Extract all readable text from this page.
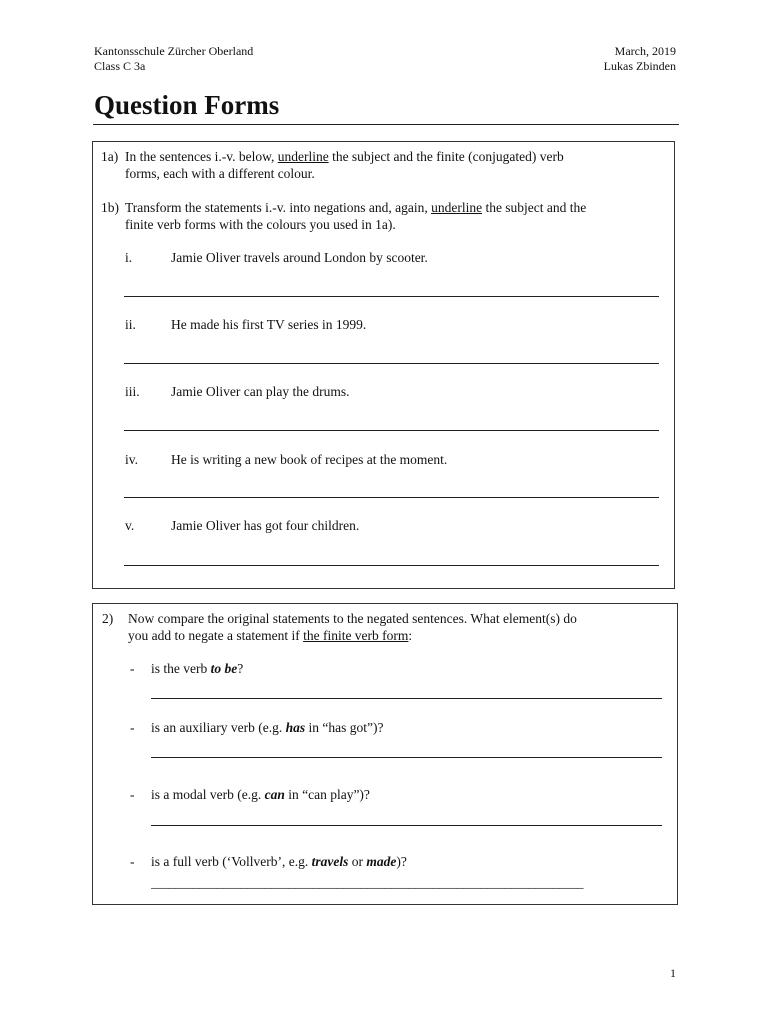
Kantonsschule Zürcher Oberland
Class C 3a
March, 2019
Lukas Zbinden
Question Forms
1a) In the sentences i.-v. below, underline the subject and the finite (conjugated) verb
forms, each with a different colour.
1b) Transform the statements i.-v. into negations and, again, underline the subject and the
finite verb forms with the colours you used in 1a).
i.	Jamie Oliver travels around London by scooter.
ii.	He made his first TV series in 1999.
iii. Jamie Oliver can play the drums.
iv. He is writing a new book of recipes at the moment.
v.	Jamie Oliver has got four children.
2) Now compare the original statements to the negated sentences. What element(s) do
you add to negate a statement if the finite verb form:
- is the verb to be?
- is an auxiliary verb (e.g. has in “has got”)?
- is a modal verb (e.g. can in “can play”)?
- is a full verb (‘Vollverb’, e.g. travels or made)?
________________________________________________________________________
1
